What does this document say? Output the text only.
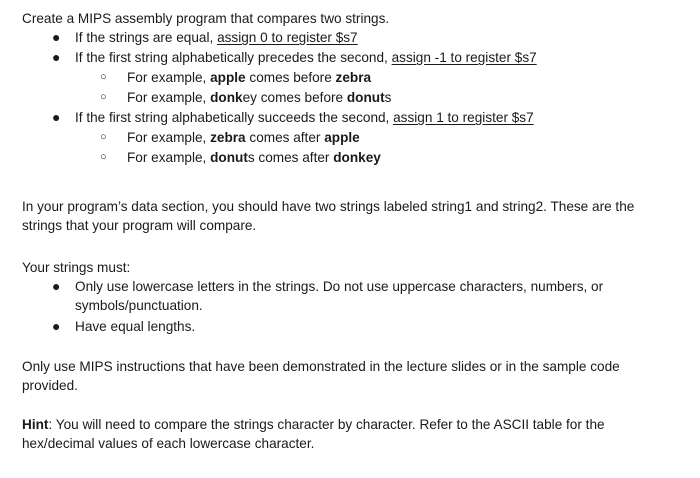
Create a MIPS assembly program that compares two strings.
● If the strings are equal, assign 0 to register $s7
● If the first string alphabetically precedes the second, assign -1 to register $s7
○ For example, apple comes before zebra
○ For example, donkey comes before donuts
● If the first string alphabetically succeeds the second, assign 1 to register $s7
○ For example, zebra comes after apple
○ For example, donuts comes after donkey
In your program’s data section, you should have two strings labeled string1 and string2. These are the
strings that your program will compare.
Your strings must:
● Only use lowercase letters in the strings. Do not use uppercase characters, numbers, or
symbols/punctuation.
● Have equal lengths.
Only use MIPS instructions that have been demonstrated in the lecture slides or in the sample code
provided.
Hint: You will need to compare the strings character by character. Refer to the ASCII table for the
hex/decimal values of each lowercase character.
